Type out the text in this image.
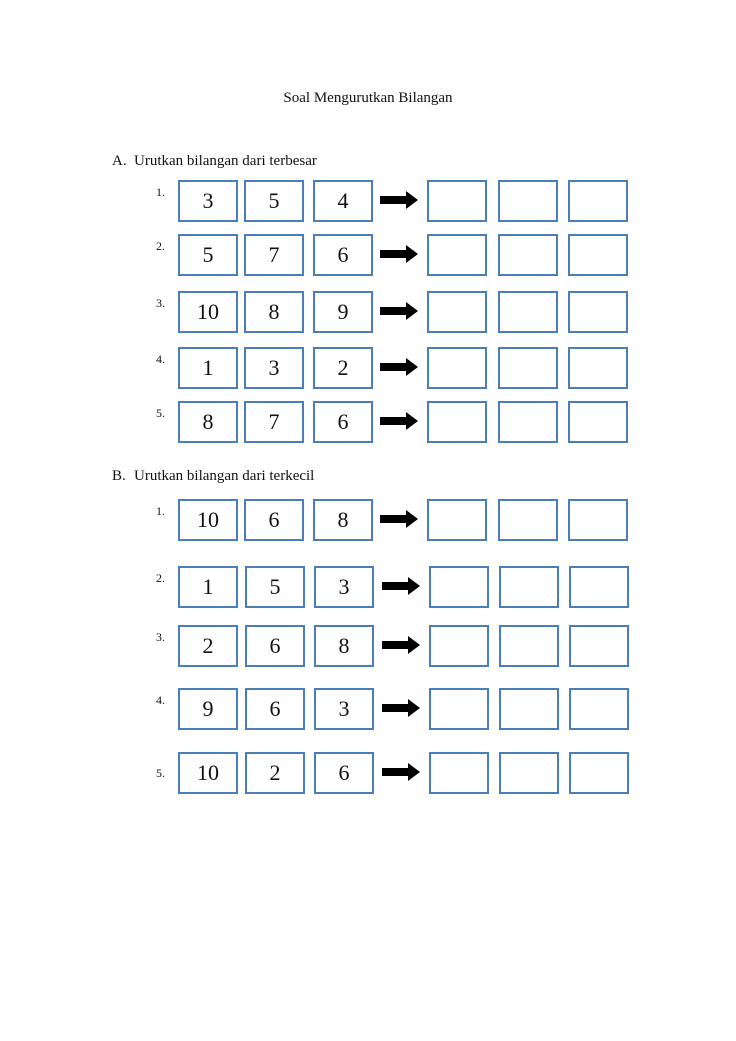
Soal Mengurutkan Bilangan
A. Urutkan bilangan dari terbesar
1.	3	5	4
2.	5	7	6
3.	10	8	9
4.	1	3	2
5.	8	7	6
B. Urutkan bilangan dari terkecil
1.	10	6	8
2.	1	5	3
3.	2	6	8
4.	9	6	3
5.	10	2	6
